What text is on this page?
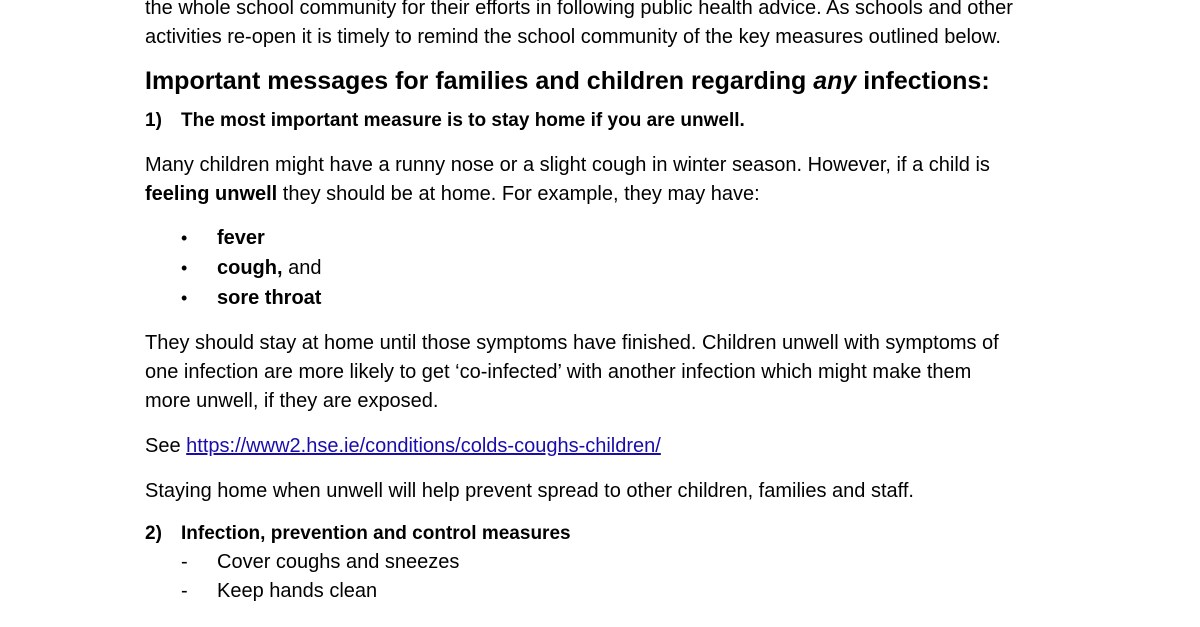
the whole school community for their efforts in following public health advice. As schools and other
activities re-open it is timely to remind the school community of the key measures outlined below.
Important messages for families and children regarding any infections:
1)	The most important measure is to stay home if you are unwell.
Many children might have a runny nose or a slight cough in winter season. However, if a child is
feeling unwell they should be at home. For example, they may have:
•	fever
•	cough, and
•	sore throat
They should stay at home until those symptoms have finished. Children unwell with symptoms of
one infection are more likely to get ‘co-infected’ with another infection which might make them
more unwell, if they are exposed.
See https://www2.hse.ie/conditions/colds-coughs-children/
Staying home when unwell will help prevent spread to other children, families and staff.
2)	Infection, prevention and control measures
-	Cover coughs and sneezes
-	Keep hands clean
